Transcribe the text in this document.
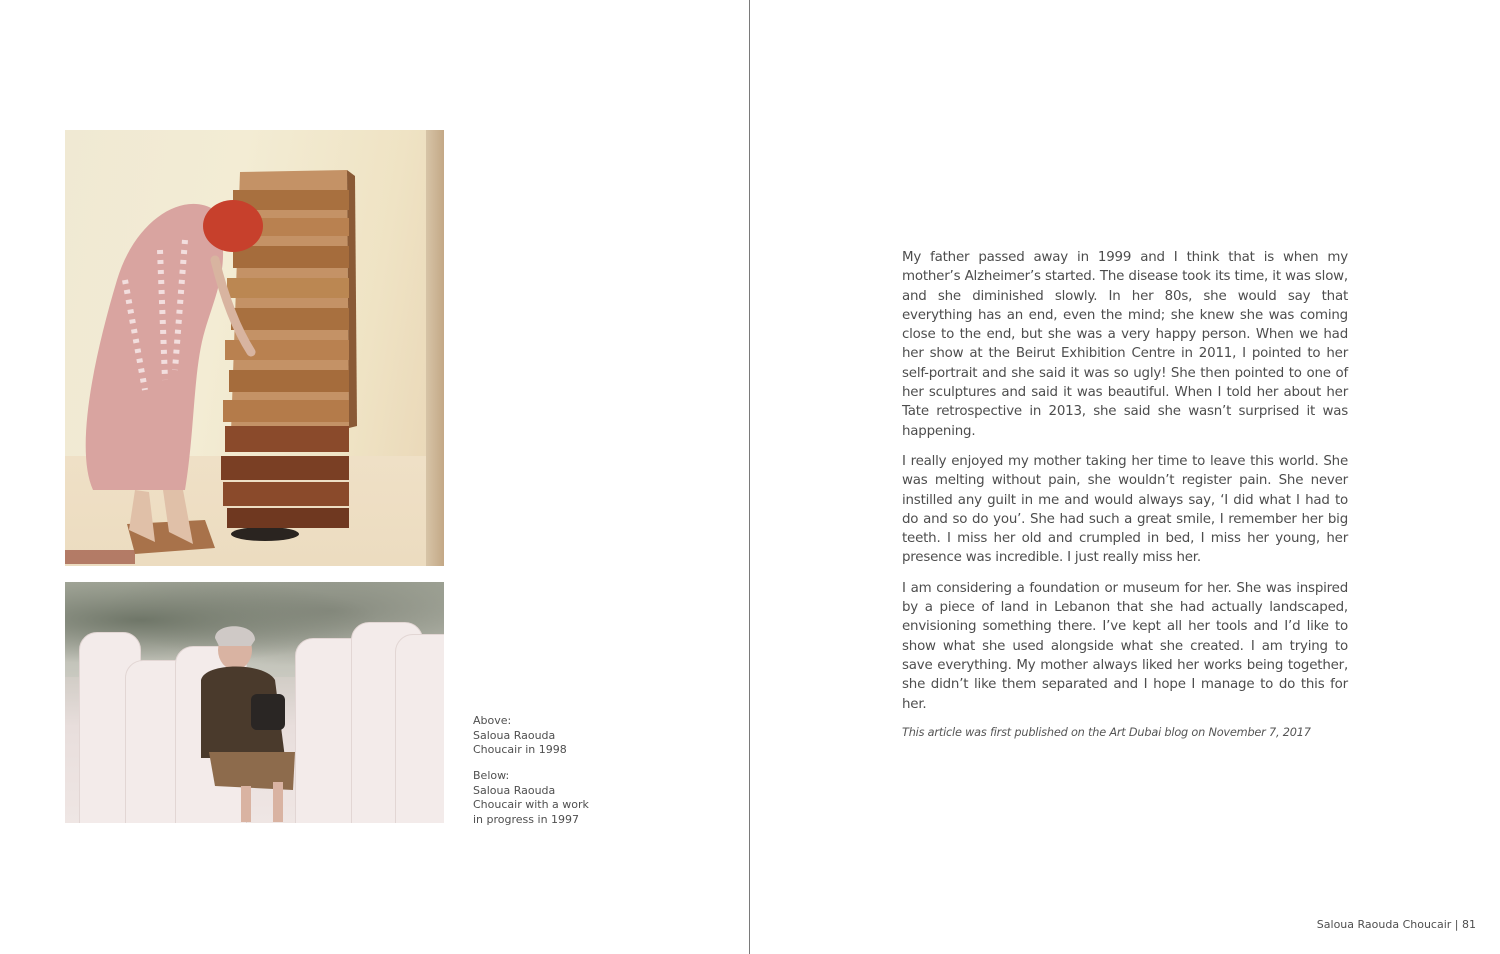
Above:

Saloua Raouda

Choucair in 1998

Below:

Saloua Raouda

Choucair with a work

in progress in 1997

My father passed away in 1999 and I think that is when my mother’s Alzheimer’s started. The disease took its time, it was slow, and she diminished slowly. In her 80s, she would say that everything has an end, even the mind; she knew she was coming close to the end, but she was a very happy person. When we had her show at the Beirut Exhibition Centre in 2011, I pointed to her self-portrait and she said it was so ugly! She then pointed to one of her sculptures and said it was beautiful. When I told her about her Tate retrospective in 2013, she said she wasn’t surprised it was happening.

I really enjoyed my mother taking her time to leave this world. She was melting without pain, she wouldn’t register pain. She never instilled any guilt in me and would always say, ‘I did what I had to do and so do you’. She had such a great smile, I remember her big teeth. I miss her old and crumpled in bed, I miss her young, her presence was incredible. I just really miss her.

I am considering a foundation or museum for her. She was inspired by a piece of land in Lebanon that she had actually landscaped, envisioning something there. I’ve kept all her tools and I’d like to show what she used alongside what she created. I am trying to save everything. My mother always liked her works being together, she didn’t like them separated and I hope I manage to do this for her.

This article was first published on the Art Dubai blog on November 7, 2017

Saloua Raouda Choucair | 81
